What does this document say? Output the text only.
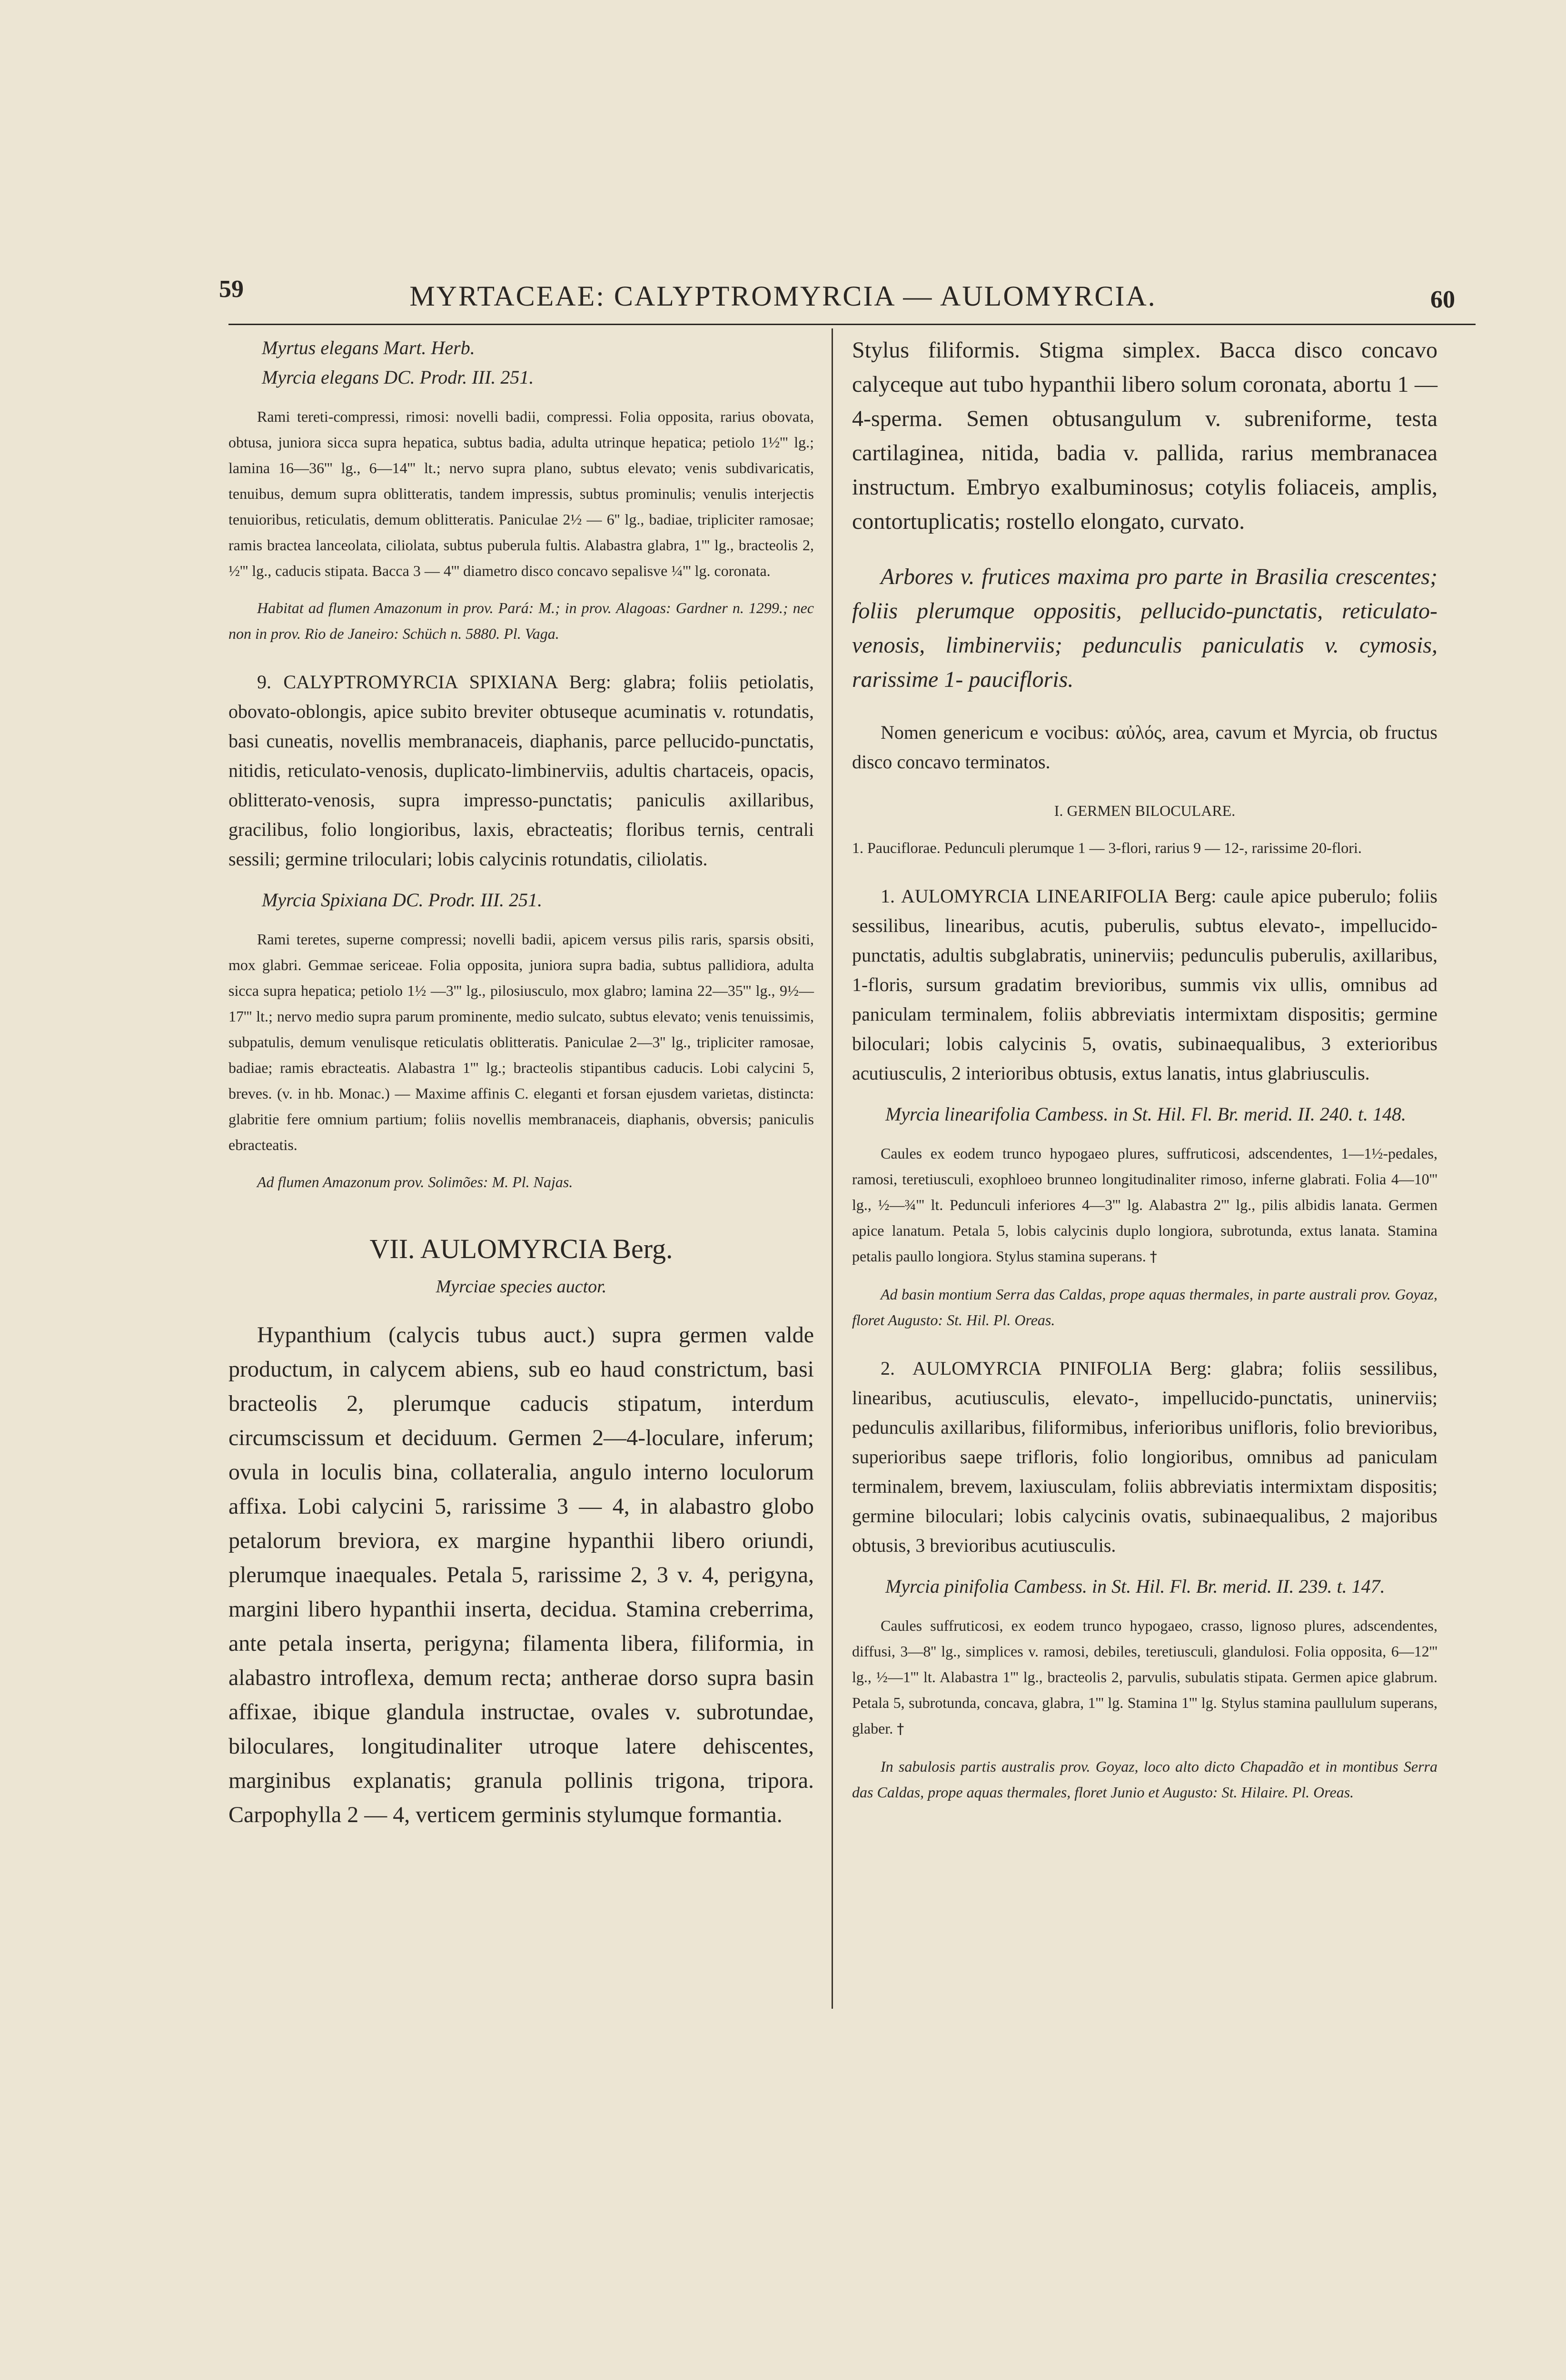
59	MYRTACEAE: CALYPTROMYRCIA — AULOMYRCIA.	60

Myrtus elegans Mart. Herb.

Myrcia elegans DC. Prodr. III. 251.

Rami tereti-compressi, rimosi: novelli badii, compressi. Folia opposita, rarius obovata, obtusa, juniora sicca supra hepatica, subtus badia, adulta utrinque hepatica; petiolo 1½''' lg.; lamina 16—36''' lg., 6—14''' lt.; nervo supra plano, subtus elevato; venis subdivaricatis, tenuibus, demum supra oblitteratis, tandem impressis, subtus prominulis; venulis interjectis tenuioribus, reticulatis, demum oblitteratis. Paniculae 2½ — 6'' lg., badiae, tripliciter ramosae; ramis bractea lanceolata, ciliolata, subtus puberula fultis. Alabastra glabra, 1''' lg., bracteolis 2, ½''' lg., caducis stipata. Bacca 3 — 4''' diametro disco concavo sepalisve ¼''' lg. coronata.

Habitat ad flumen Amazonum in prov. Pará: M.; in prov. Alagoas: Gardner n. 1299.; nec non in prov. Rio de Janeiro: Schüch n. 5880. Pl. Vaga.

9. CALYPTROMYRCIA SPIXIANA Berg: glabra; foliis petiolatis, obovato-oblongis, apice subito breviter obtuseque acuminatis v. rotundatis, basi cuneatis, novellis membranaceis, diaphanis, parce pellucido-punctatis, nitidis, reticulato-venosis, duplicato-limbinerviis, adultis chartaceis, opacis, oblitterato-venosis, supra impresso-punctatis; paniculis axillaribus, gracilibus, folio longioribus, laxis, ebracteatis; floribus ternis, centrali sessili; germine triloculari; lobis calycinis rotundatis, ciliolatis.

Myrcia Spixiana DC. Prodr. III. 251.

Rami teretes, superne compressi; novelli badii, apicem versus pilis raris, sparsis obsiti, mox glabri. Gemmae sericeae. Folia opposita, juniora supra badia, subtus pallidiora, adulta sicca supra hepatica; petiolo 1½ —3''' lg., pilosiusculo, mox glabro; lamina 22—35''' lg., 9½—17''' lt.; nervo medio supra parum prominente, medio sulcato, subtus elevato; venis tenuissimis, subpatulis, demum venulisque reticulatis oblitteratis. Paniculae 2—3'' lg., tripliciter ramosae, badiae; ramis ebracteatis. Alabastra 1''' lg.; bracteolis stipantibus caducis. Lobi calycini 5, breves. (v. in hb. Monac.) — Maxime affinis C. eleganti et forsan ejusdem varietas, distincta: glabritie fere omnium partium; foliis novellis membranaceis, diaphanis, obversis; paniculis ebracteatis.

Ad flumen Amazonum prov. Solimões: M. Pl. Najas.

VII. AULOMYRCIA Berg.
Myrciae species auctor.

Hypanthium (calycis tubus auct.) supra germen valde productum, in calycem abiens, sub eo haud constrictum, basi bracteolis 2, plerumque caducis stipatum, interdum circumscissum et deciduum. Germen 2—4-loculare, inferum; ovula in loculis bina, collateralia, angulo interno loculorum affixa. Lobi calycini 5, rarissime 3 — 4, in alabastro globo petalorum breviora, ex margine hypanthii libero oriundi, plerumque inaequales. Petala 5, rarissime 2, 3 v. 4, perigyna, margini libero hypanthii inserta, decidua. Stamina creberrima, ante petala inserta, perigyna; filamenta libera, filiformia, in alabastro introflexa, demum recta; antherae dorso supra basin affixae, ibique glandula instructae, ovales v. subrotundae, biloculares, longitudinaliter utroque latere dehiscentes, marginibus explanatis; granula pollinis trigona, tripora. Carpophylla 2 — 4, verticem germinis stylumque formantia.

Stylus filiformis. Stigma simplex. Bacca disco concavo calyceque aut tubo hypanthii libero solum coronata, abortu 1 — 4-sperma. Semen obtusangulum v. subreniforme, testa cartilaginea, nitida, badia v. pallida, rarius membranacea instructum. Embryo exalbuminosus; cotylis foliaceis, amplis, contortuplicatis; rostello elongato, curvato.

Arbores v. frutices maxima pro parte in Brasilia crescentes; foliis plerumque oppositis, pellucido-punctatis, reticulato-venosis, limbinerviis; pedunculis paniculatis v. cymosis, rarissime 1- paucifloris.

Nomen genericum e vocibus: αὐλός, area, cavum et Myrcia, ob fructus disco concavo terminatos.

I. GERMEN BILOCULARE.

1. Pauciflorae. Pedunculi plerumque 1 — 3-flori, rarius 9 — 12-, rarissime 20-flori.

1. AULOMYRCIA LINEARIFOLIA Berg: caule apice puberulo; foliis sessilibus, linearibus, acutis, puberulis, subtus elevato-, impellucido-punctatis, adultis subglabratis, uninerviis; pedunculis puberulis, axillaribus, 1-floris, sursum gradatim brevioribus, summis vix ullis, omnibus ad paniculam terminalem, foliis abbreviatis intermixtam dispositis; germine biloculari; lobis calycinis 5, ovatis, subinaequalibus, 3 exterioribus acutiusculis, 2 interioribus obtusis, extus lanatis, intus glabriusculis.

Myrcia linearifolia Cambess. in St. Hil. Fl. Br. merid. II. 240. t. 148.

Caules ex eodem trunco hypogaeo plures, suffruticosi, adscendentes, 1—1½-pedales, ramosi, teretiusculi, exophloeo brunneo longitudinaliter rimoso, inferne glabrati. Folia 4—10''' lg., ½—¾''' lt. Pedunculi inferiores 4—3''' lg. Alabastra 2''' lg., pilis albidis lanata. Germen apice lanatum. Petala 5, lobis calycinis duplo longiora, subrotunda, extus lanata. Stamina petalis paullo longiora. Stylus stamina superans. †

Ad basin montium Serra das Caldas, prope aquas thermales, in parte australi prov. Goyaz, floret Augusto: St. Hil. Pl. Oreas.

2. AULOMYRCIA PINIFOLIA Berg: glabra; foliis sessilibus, linearibus, acutiusculis, elevato-, impellucido-punctatis, uninerviis; pedunculis axillaribus, filiformibus, inferioribus unifloris, folio brevioribus, superioribus saepe trifloris, folio longioribus, omnibus ad paniculam terminalem, brevem, laxiusculam, foliis abbreviatis intermixtam dispositis; germine biloculari; lobis calycinis ovatis, subinaequalibus, 2 majoribus obtusis, 3 brevioribus acutiusculis.

Myrcia pinifolia Cambess. in St. Hil. Fl. Br. merid. II. 239. t. 147.

Caules suffruticosi, ex eodem trunco hypogaeo, crasso, lignoso plures, adscendentes, diffusi, 3—8'' lg., simplices v. ramosi, debiles, teretiusculi, glandulosi. Folia opposita, 6—12''' lg., ½—1''' lt. Alabastra 1''' lg., bracteolis 2, parvulis, subulatis stipata. Germen apice glabrum. Petala 5, subrotunda, concava, glabra, 1''' lg. Stamina 1''' lg. Stylus stamina paullulum superans, glaber. †

In sabulosis partis australis prov. Goyaz, loco alto dicto Chapadão et in montibus Serra das Caldas, prope aquas thermales, floret Junio et Augusto: St. Hilaire. Pl. Oreas.
